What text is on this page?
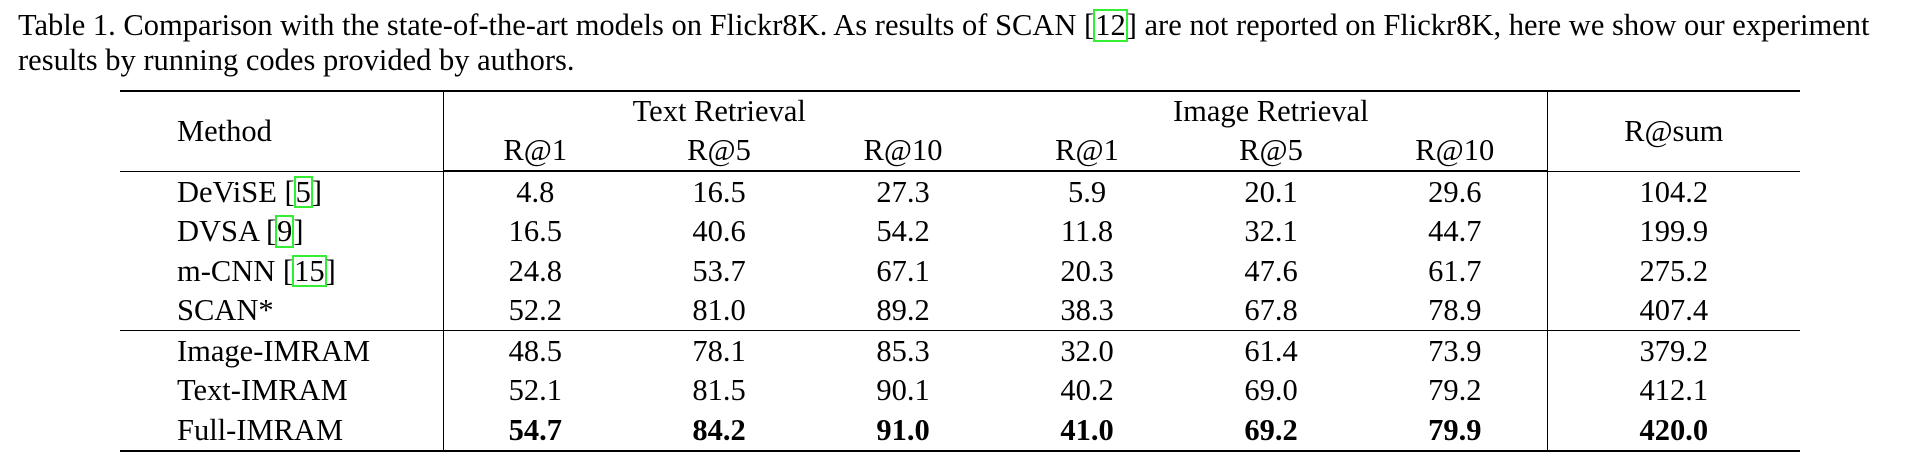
Table 1. Comparison with the state-of-the-art models on Flickr8K. As results of SCAN [12] are not reported on Flickr8K, here we show our experiment results by running codes provided by authors.

Method	Text Retrieval			Image Retrieval			R@sum
	R@1	R@5	R@10	R@1	R@5	R@10	

DeViSE [5]	4.8	16.5	27.3	5.9	20.1	29.6	104.2
DVSA [9]	16.5	40.6	54.2	11.8	32.1	44.7	199.9
m-CNN [15]	24.8	53.7	67.1	20.3	47.6	61.7	275.2
SCAN*	52.2	81.0	89.2	38.3	67.8	78.9	407.4
Image-IMRAM	48.5	78.1	85.3	32.0	61.4	73.9	379.2
Text-IMRAM	52.1	81.5	90.1	40.2	69.0	79.2	412.1
Full-IMRAM	54.7	84.2	91.0	41.0	69.2	79.9	420.0
